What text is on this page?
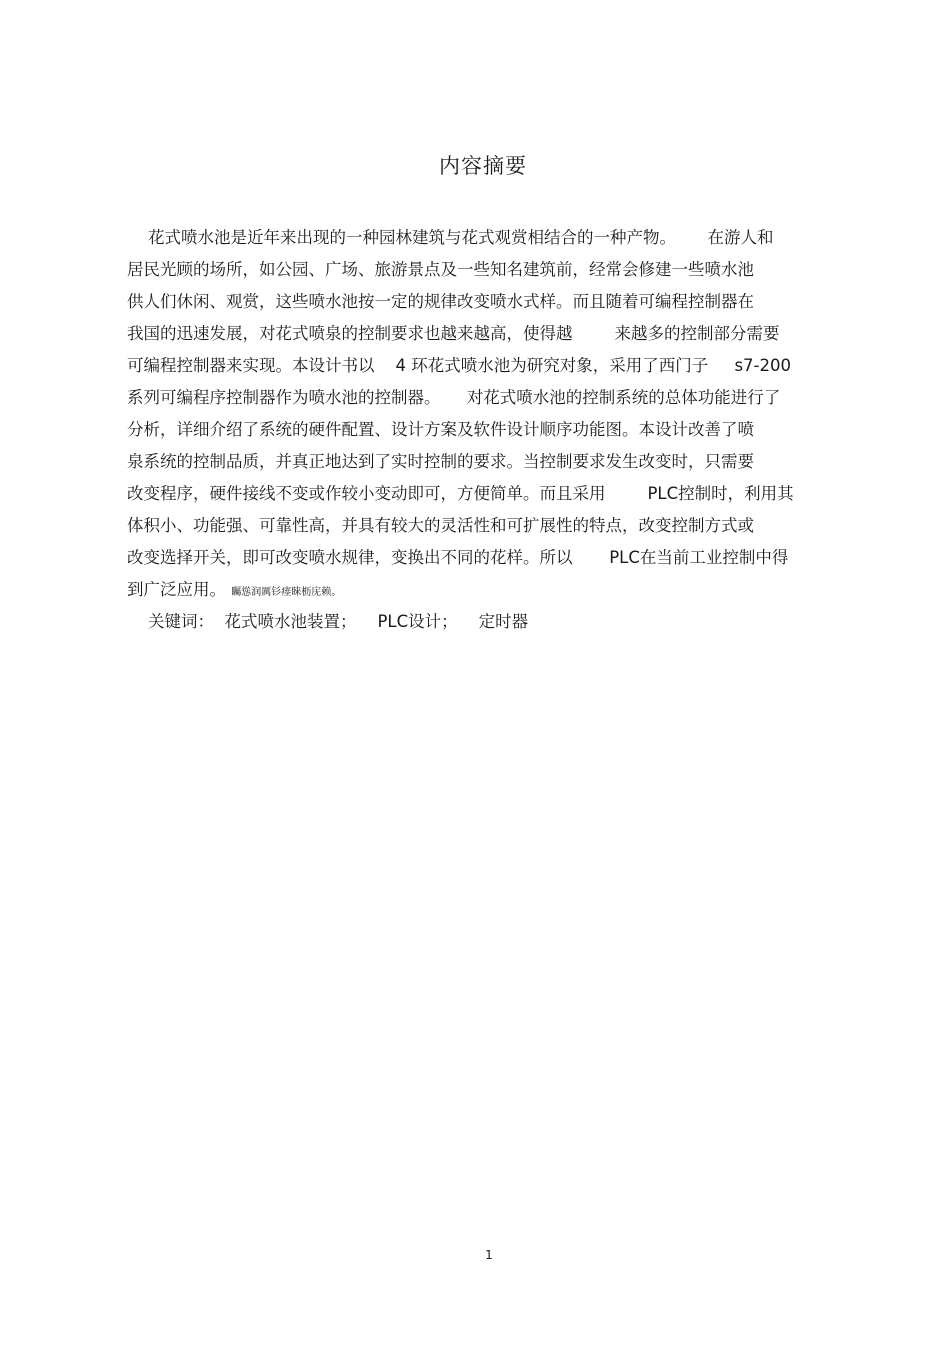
内容摘要
花式喷水池是近年来出现的一种园林建筑与花式观赏相结合的一种产物。      在游人和
居民光顾的场所，如公园、广场、旅游景点及一些知名建筑前，经常会修建一些喷水池
供人们休闲、观赏，这些喷水池按一定的规律改变喷水式样。而且随着可编程控制器在
我国的迅速发展，对花式喷泉的控制要求也越来越高，使得越        来越多的控制部分需要
可编程控制器来实现。本设计书以    4 环花式喷水池为研究对象，采用了西门子     s7-200
系列可编程序控制器作为喷水池的控制器。     对花式喷水池的控制系统的总体功能进行了
分析，详细介绍了系统的硬件配置、设计方案及软件设计顺序功能图。本设计改善了喷
泉系统的控制品质，并真正地达到了实时控制的要求。当控制要求发生改变时，只需要
改变程序，硬件接线不变或作较小变动即可，方便简单。而且采用        PLC控制时，利用其
体积小、功能强、可靠性高，并具有较大的灵活性和可扩展性的特点，改变控制方式或
改变选择开关，即可改变喷水规律，变换出不同的花样。所以       PLC在当前工业控制中得
到广泛应用。 矚慫润厲钐瘗睞枥庑赖。
关键词：  花式喷水池装置；    PLC设计；    定时器
1
